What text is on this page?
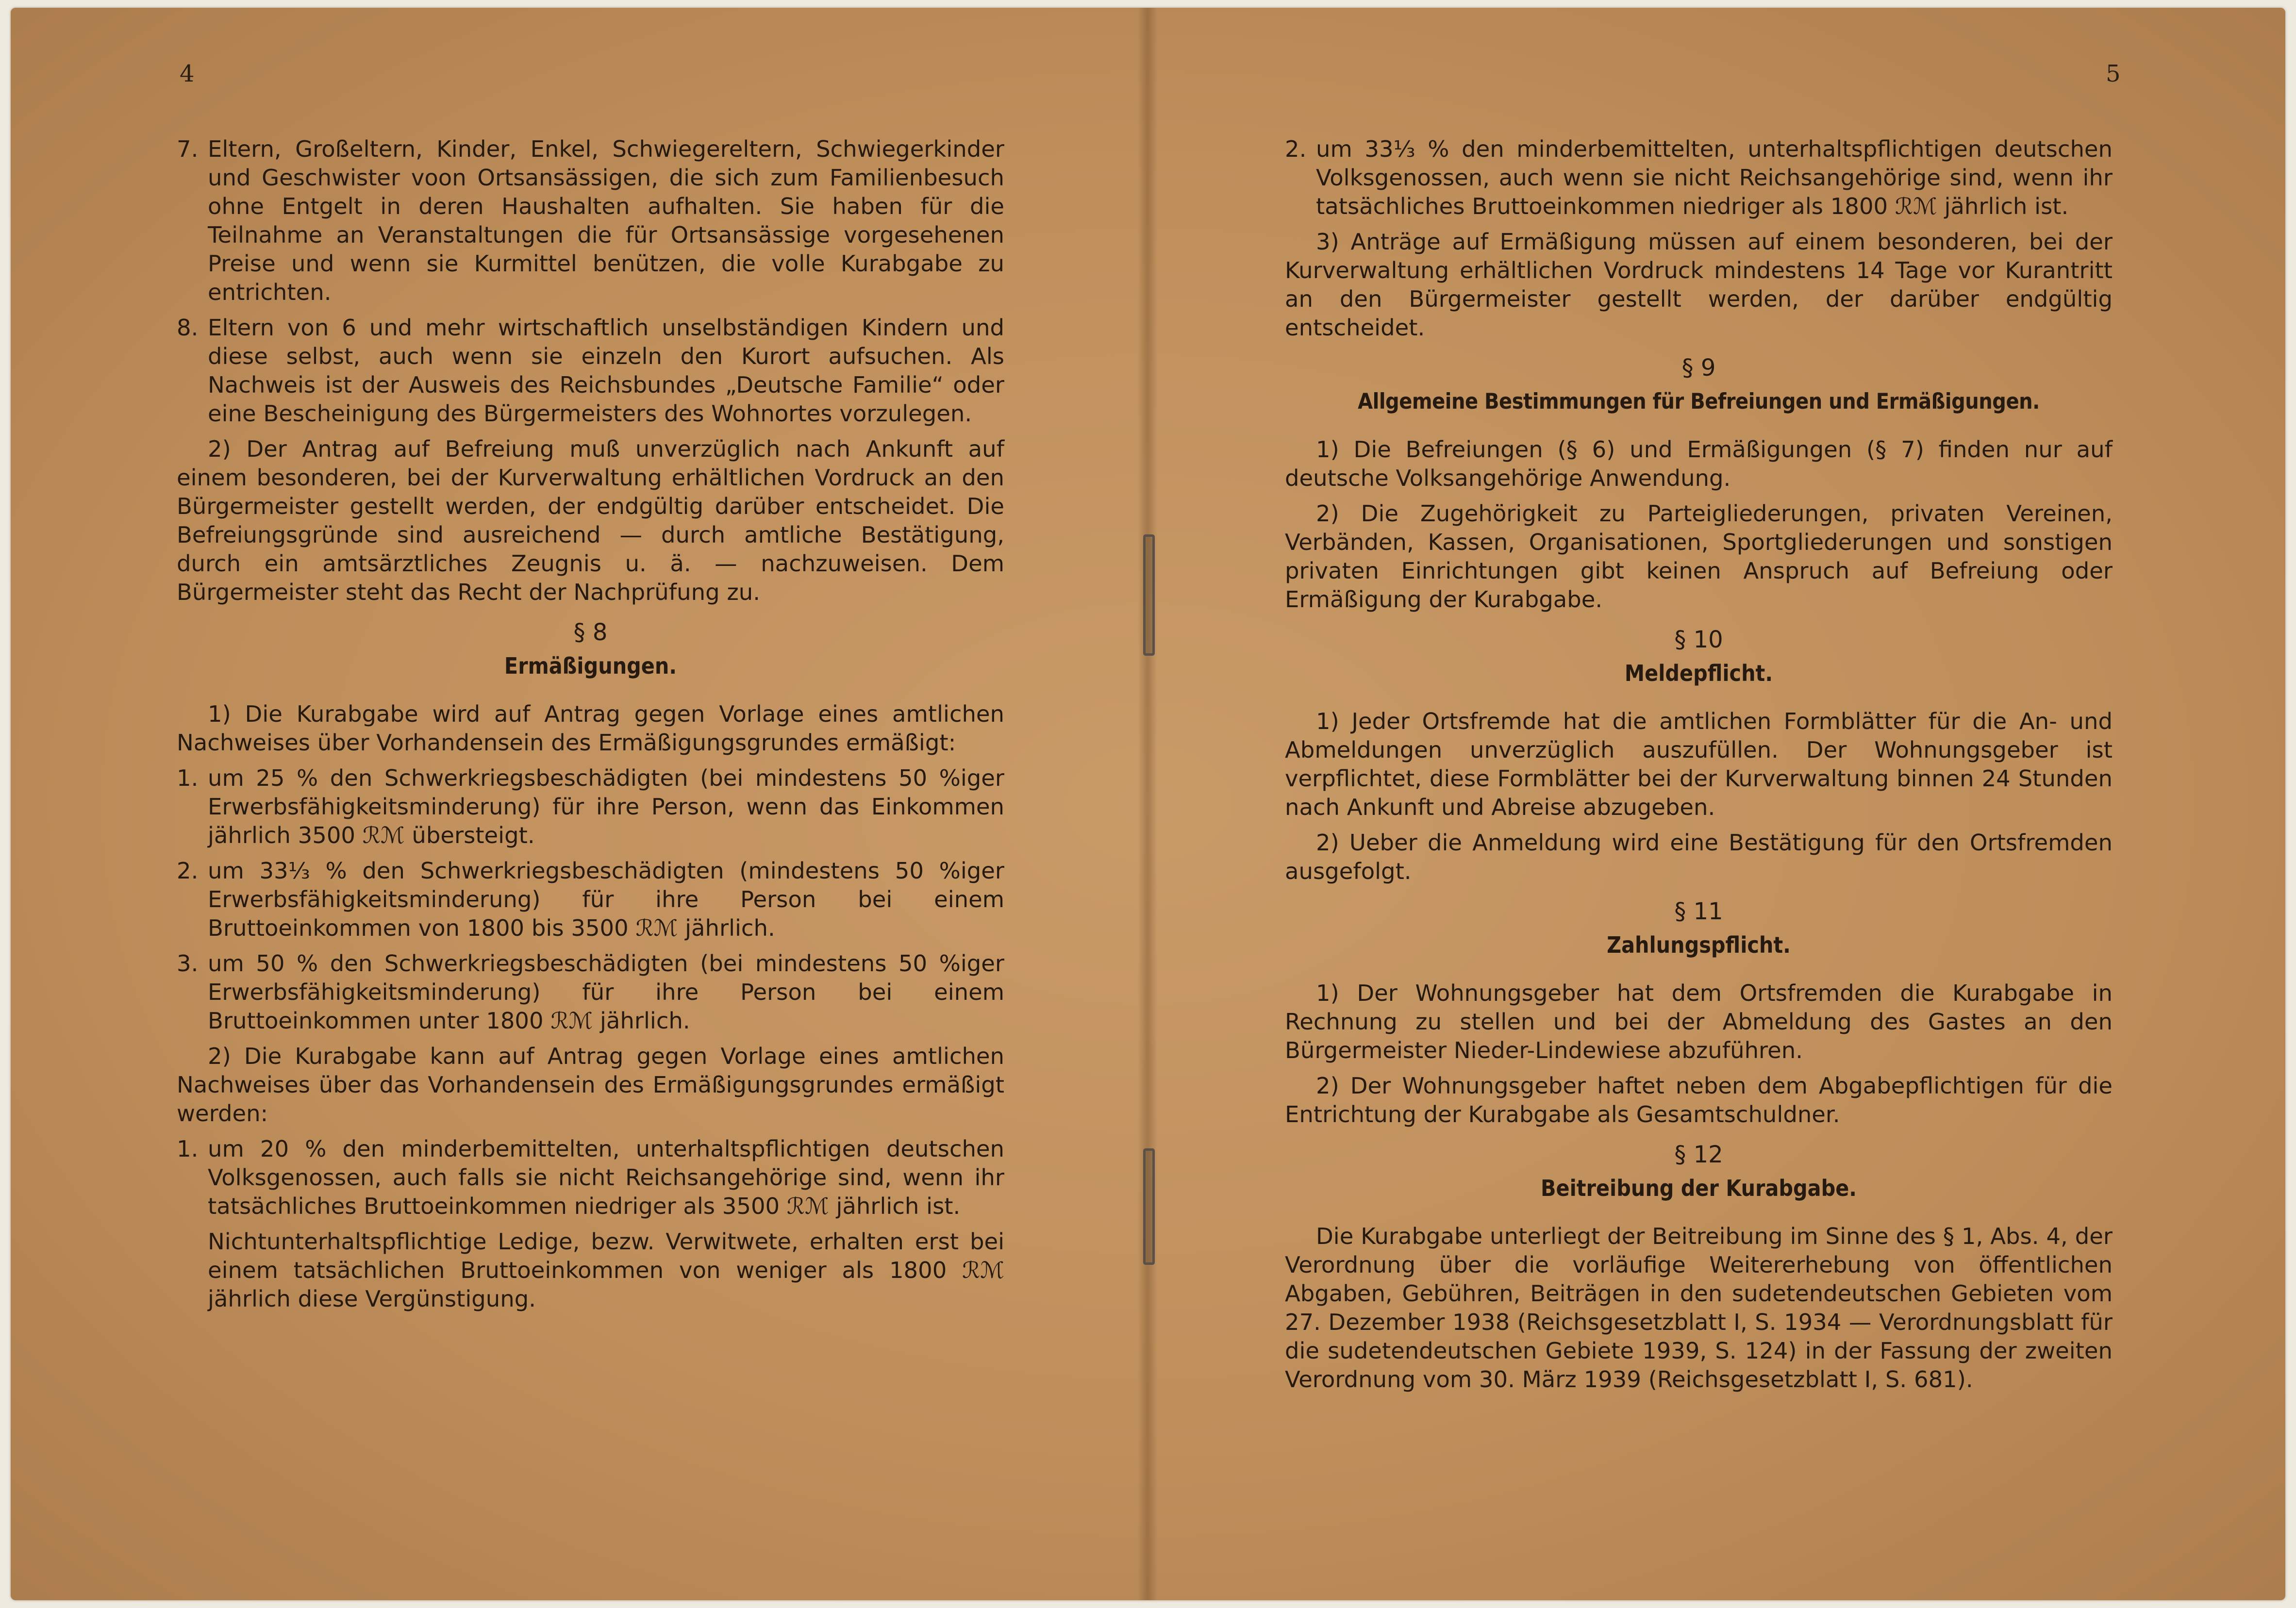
4	5
7. Eltern, Großeltern, Kinder, Enkel, Schwiegereltern, Schwiegerkinder und Geschwister voon Ortsansässigen, die sich zum Familienbesuch ohne Entgelt in deren Haushalten aufhalten. Sie haben für die Teilnahme an Veranstaltungen die für Ortsansässige vorgesehenen Preise und wenn sie Kurmittel benützen, die volle Kurabgabe zu entrichten.
8. Eltern von 6 und mehr wirtschaftlich unselbständigen Kindern und diese selbst, auch wenn sie einzeln den Kurort aufsuchen. Als Nachweis ist der Ausweis des Reichsbundes „Deutsche Familie“ oder eine Bescheinigung des Bürgermeisters des Wohnortes vorzulegen.
2) Der Antrag auf Befreiung muß unverzüglich nach Ankunft auf einem besonderen, bei der Kurverwaltung erhältlichen Vordruck an den Bürgermeister gestellt werden, der endgültig darüber entscheidet. Die Befreiungsgründe sind ausreichend — durch amtliche Bestätigung, durch ein amtsärztliches Zeugnis u. ä. — nachzuweisen. Dem Bürgermeister steht das Recht der Nachprüfung zu.
§ 8
Ermäßigungen.
1) Die Kurabgabe wird auf Antrag gegen Vorlage eines amtlichen Nachweises über Vorhandensein des Ermäßigungsgrundes ermäßigt:
1. um 25 % den Schwerkriegsbeschädigten (bei mindestens 50 %iger Erwerbsfähigkeitsminderung) für ihre Person, wenn das Einkommen jährlich 3500 ℛℳ übersteigt.
2. um 33⅓ % den Schwerkriegsbeschädigten (mindestens 50 %iger Erwerbsfähigkeitsminderung) für ihre Person bei einem Bruttoeinkommen von 1800 bis 3500 ℛℳ jährlich.
3. um 50 % den Schwerkriegsbeschädigten (bei mindestens 50 %iger Erwerbsfähigkeitsminderung) für ihre Person bei einem Bruttoeinkommen unter 1800 ℛℳ jährlich.
2) Die Kurabgabe kann auf Antrag gegen Vorlage eines amtlichen Nachweises über das Vorhandensein des Ermäßigungsgrundes ermäßigt werden:
1. um 20 % den minderbemittelten, unterhaltspflichtigen deutschen Volksgenossen, auch falls sie nicht Reichsangehörige sind, wenn ihr tatsächliches Bruttoeinkommen niedriger als 3500 ℛℳ jährlich ist.
Nichtunterhaltspflichtige Ledige, bezw. Verwitwete, erhalten erst bei einem tatsächlichen Bruttoeinkommen von weniger als 1800 ℛℳ jährlich diese Vergünstigung.
2. um 33⅓ % den minderbemittelten, unterhaltspflichtigen deutschen Volksgenossen, auch wenn sie nicht Reichsangehörige sind, wenn ihr tatsächliches Bruttoeinkommen niedriger als 1800 ℛℳ jährlich ist.
3) Anträge auf Ermäßigung müssen auf einem besonderen, bei der Kurverwaltung erhältlichen Vordruck mindestens 14 Tage vor Kurantritt an den Bürgermeister gestellt werden, der darüber endgültig entscheidet.
§ 9
Allgemeine Bestimmungen für Befreiungen und Ermäßigungen.
1) Die Befreiungen (§ 6) und Ermäßigungen (§ 7) finden nur auf deutsche Volksangehörige Anwendung.
2) Die Zugehörigkeit zu Parteigliederungen, privaten Vereinen, Verbänden, Kassen, Organisationen, Sportgliederungen und sonstigen privaten Einrichtungen gibt keinen Anspruch auf Befreiung oder Ermäßigung der Kurabgabe.
§ 10
Meldepflicht.
1) Jeder Ortsfremde hat die amtlichen Formblätter für die An- und Abmeldungen unverzüglich auszufüllen. Der Wohnungsgeber ist verpflichtet, diese Formblätter bei der Kurverwaltung binnen 24 Stunden nach Ankunft und Abreise abzugeben.
2) Ueber die Anmeldung wird eine Bestätigung für den Ortsfremden ausgefolgt.
§ 11
Zahlungspflicht.
1) Der Wohnungsgeber hat dem Ortsfremden die Kurabgabe in Rechnung zu stellen und bei der Abmeldung des Gastes an den Bürgermeister Nieder-Lindewiese abzuführen.
2) Der Wohnungsgeber haftet neben dem Abgabepflichtigen für die Entrichtung der Kurabgabe als Gesamtschuldner.
§ 12
Beitreibung der Kurabgabe.
Die Kurabgabe unterliegt der Beitreibung im Sinne des § 1, Abs. 4, der Verordnung über die vorläufige Weitererhebung von öffentlichen Abgaben, Gebühren, Beiträgen in den sudetendeutschen Gebieten vom 27. Dezember 1938 (Reichsgesetzblatt I, S. 1934 — Verordnungsblatt für die sudetendeutschen Gebiete 1939, S. 124) in der Fassung der zweiten Verordnung vom 30. März 1939 (Reichsgesetzblatt I, S. 681).
